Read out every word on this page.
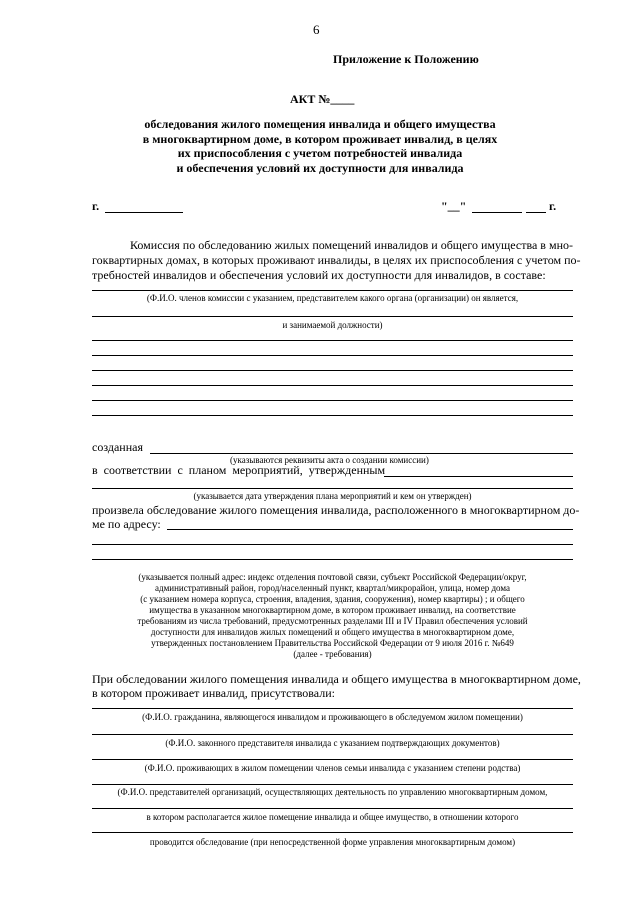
6
Приложение к Положению
АКТ №____
обследования жилого помещения инвалида и общего имущества
в многоквартирном доме, в котором проживает инвалид, в целях
их приспособления с учетом потребностей инвалида
и обеспечения условий их доступности для инвалида
г.	"__"	г.
Комиссия по обследованию жилых помещений инвалидов и общего имущества в мно-
гоквартирных домах, в которых проживают инвалиды, в целях их приспособления с учетом по-
требностей инвалидов и обеспечения условий их доступности для инвалидов, в составе:
(Ф.И.О. членов комиссии с указанием, представителем какого органа (организации) он является,
и занимаемой должности)
созданная
(указываются реквизиты акта о создании комиссии)
в соответствии с планом мероприятий, утвержденным
(указывается дата утверждения плана мероприятий и кем он утвержден)
произвела обследование жилого помещения инвалида, расположенного в многоквартирном до-
ме по адресу:
(указывается полный адрес: индекс отделения почтовой связи, субъект Российской Федерации/округ,
административный район, город/населенный пункт, квартал/микрорайон, улица, номер дома
(с указанием номера корпуса, строения, владения, здания, сооружения), номер квартиры) ; и общего
имущества в указанном многоквартирном доме, в котором проживает инвалид, на соответствие
требованиям из числа требований, предусмотренных разделами III и IV Правил обеспечения условий
доступности для инвалидов жилых помещений и общего имущества в многоквартирном доме,
утвержденных постановлением Правительства Российской Федерации от 9 июля 2016 г. №649
(далее - требования)
При обследовании жилого помещения инвалида и общего имущества в многоквартирном доме,
в котором проживает инвалид, присутствовали:
(Ф.И.О. гражданина, являющегося инвалидом и проживающего в обследуемом жилом помещении)
(Ф.И.О. законного представителя инвалида с указанием подтверждающих документов)
(Ф.И.О. проживающих в жилом помещении членов семьи инвалида с указанием степени родства)
(Ф.И.О. представителей организаций, осуществляющих деятельность по управлению многоквартирным домом,
в котором располагается жилое помещение инвалида и общее имущество, в отношении которого
проводится обследование (при непосредственной форме управления многоквартирным домом)
